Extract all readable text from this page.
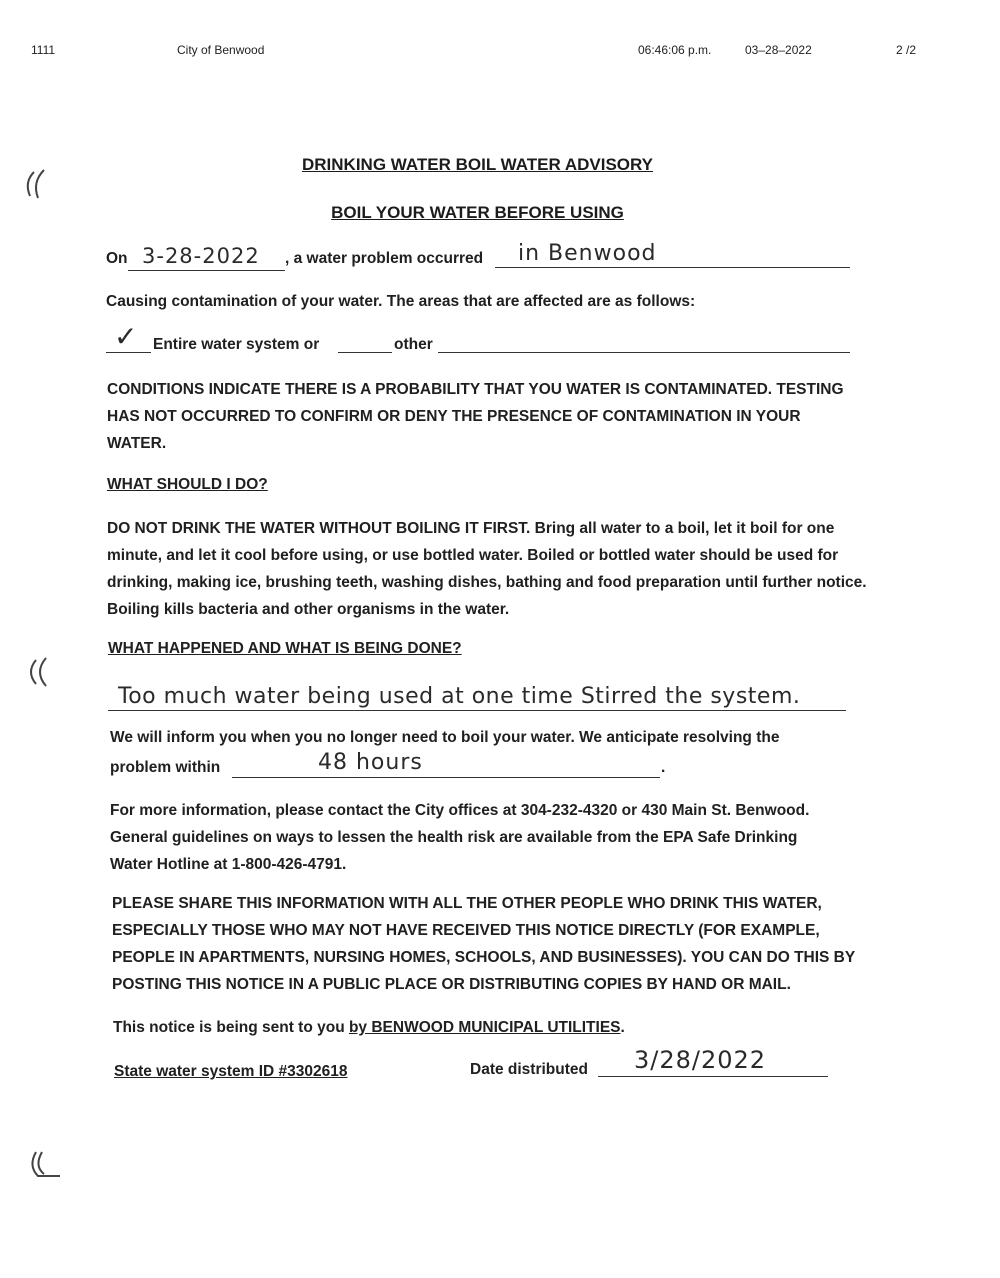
1111	City of Benwood	06:46:06 p.m.	03–28–2022	2 /2
DRINKING WATER BOIL WATER ADVISORY
BOIL YOUR WATER BEFORE USING
On 3-28-2022 , a water problem occurred in Benwood
Causing contamination of your water. The areas that are affected are as follows:
✓ Entire water system or	other
CONDITIONS INDICATE THERE IS A PROBABILITY THAT YOU WATER IS CONTAMINATED. TESTING HAS NOT OCCURRED TO CONFIRM OR DENY THE PRESENCE OF CONTAMINATION IN YOUR WATER.
WHAT SHOULD I DO?
DO NOT DRINK THE WATER WITHOUT BOILING IT FIRST. Bring all water to a boil, let it boil for one minute, and let it cool before using, or use bottled water. Boiled or bottled water should be used for drinking, making ice, brushing teeth, washing dishes, bathing and food preparation until further notice. Boiling kills bacteria and other organisms in the water.
WHAT HAPPENED AND WHAT IS BEING DONE?
Too much water being used at one time Stirred the system.
We will inform you when you no longer need to boil your water. We anticipate resolving the
problem within	48 hours	.
For more information, please contact the City offices at 304-232-4320 or 430 Main St. Benwood. General guidelines on ways to lessen the health risk are available from the EPA Safe Drinking Water Hotline at 1-800-426-4791.
PLEASE SHARE THIS INFORMATION WITH ALL THE OTHER PEOPLE WHO DRINK THIS WATER, ESPECIALLY THOSE WHO MAY NOT HAVE RECEIVED THIS NOTICE DIRECTLY (FOR EXAMPLE, PEOPLE IN APARTMENTS, NURSING HOMES, SCHOOLS, AND BUSINESSES). YOU CAN DO THIS BY POSTING THIS NOTICE IN A PUBLIC PLACE OR DISTRIBUTING COPIES BY HAND OR MAIL.
This notice is being sent to you by BENWOOD MUNICIPAL UTILITIES.
State water system ID #3302618	Date distributed 3/28/2022
